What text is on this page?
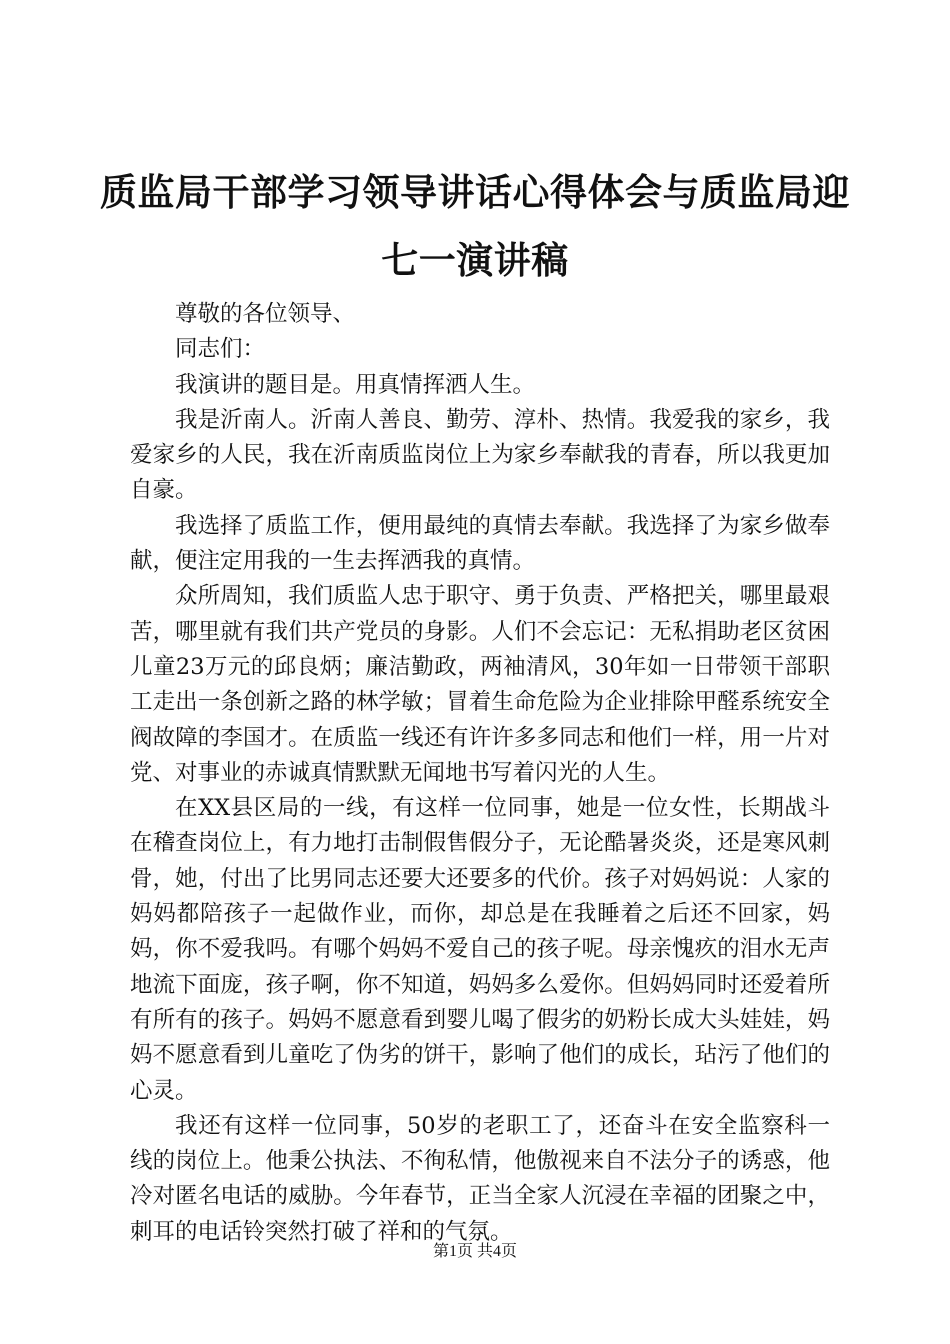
质监局干部学习领导讲话心得体会与质监局迎七一演讲稿

尊敬的各位领导、

同志们：

我演讲的题目是。用真情挥洒人生。

我是沂南人。沂南人善良、勤劳、淳朴、热情。我爱我的家乡，我爱家乡的人民，我在沂南质监岗位上为家乡奉献我的青春，所以我更加自豪。

我选择了质监工作，便用最纯的真情去奉献。我选择了为家乡做奉献，便注定用我的一生去挥洒我的真情。

众所周知，我们质监人忠于职守、勇于负责、严格把关，哪里最艰苦，哪里就有我们共产党员的身影。人们不会忘记：无私捐助老区贫困儿童23万元的邱良炳；廉洁勤政，两袖清风，30年如一日带领干部职工走出一条创新之路的林学敏；冒着生命危险为企业排除甲醛系统安全阀故障的李国才。在质监一线还有许许多多同志和他们一样，用一片对党、对事业的赤诚真情默默无闻地书写着闪光的人生。

在XX县区局的一线，有这样一位同事，她是一位女性，长期战斗在稽查岗位上，有力地打击制假售假分子，无论酷暑炎炎，还是寒风刺骨，她，付出了比男同志还要大还要多的代价。孩子对妈妈说：人家的妈妈都陪孩子一起做作业，而你，却总是在我睡着之后还不回家，妈妈，你不爱我吗。有哪个妈妈不爱自己的孩子呢。母亲愧疚的泪水无声地流下面庞，孩子啊，你不知道，妈妈多么爱你。但妈妈同时还爱着所有所有的孩子。妈妈不愿意看到婴儿喝了假劣的奶粉长成大头娃娃，妈妈不愿意看到儿童吃了伪劣的饼干，影响了他们的成长，玷污了他们的心灵。

我还有这样一位同事，50岁的老职工了，还奋斗在安全监察科一线的岗位上。他秉公执法、不徇私情，他傲视来自不法分子的诱惑，他冷对匿名电话的威胁。今年春节，正当全家人沉浸在幸福的团聚之中，刺耳的电话铃突然打破了祥和的气氛。

第1页 共4页
